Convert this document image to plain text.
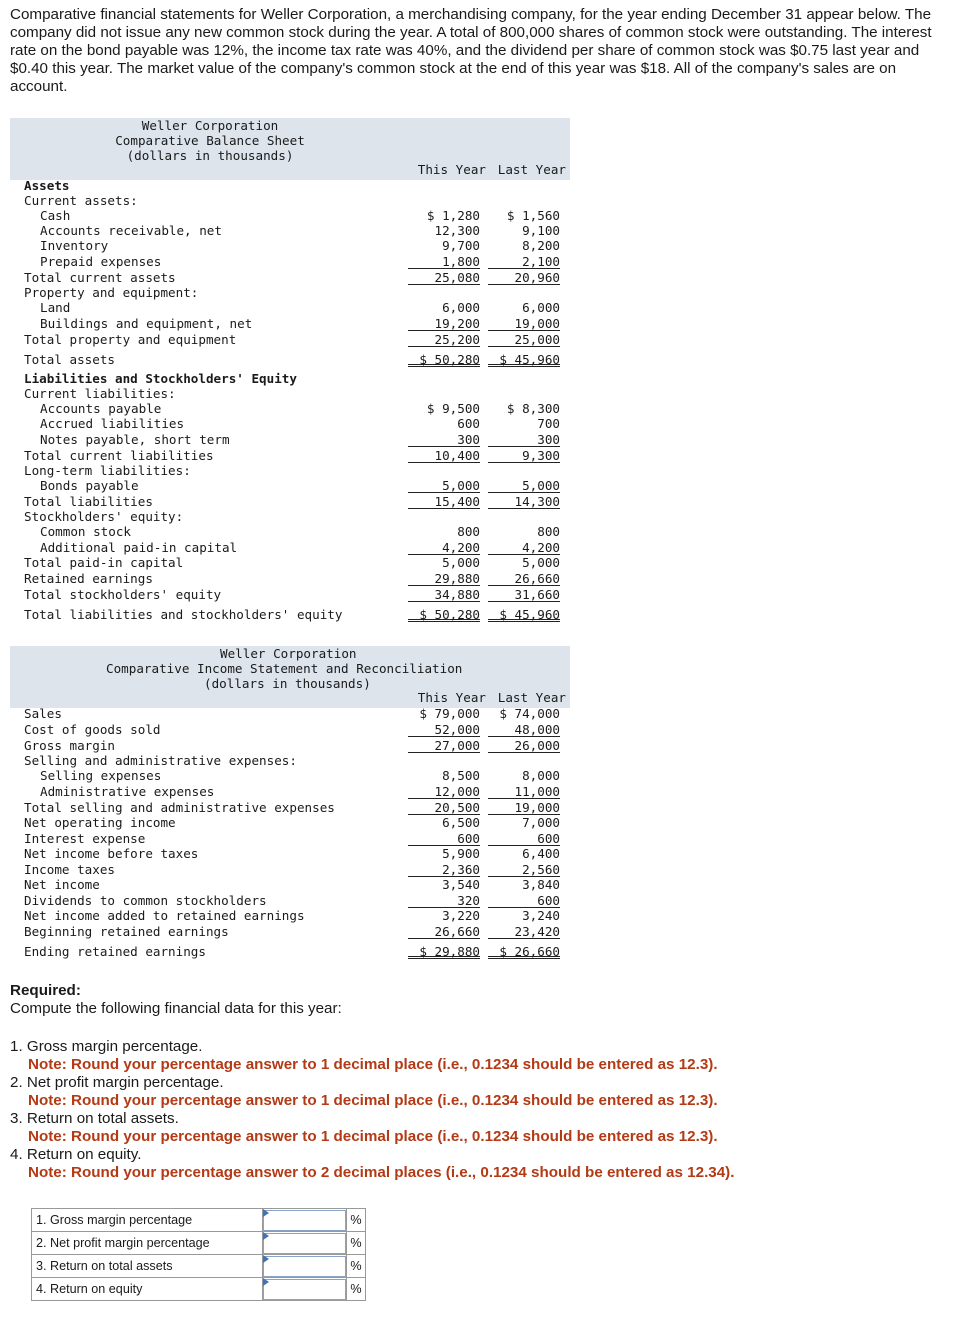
Comparative financial statements for Weller Corporation, a merchandising company, for the year ending December 31 appear below. The company did not issue any new common stock during the year. A total of 800,000 shares of common stock were outstanding. The interest rate on the bond payable was 12%, the income tax rate was 40%, and the dividend per share of common stock was $0.75 last year and $0.40 this year. The market value of the company's common stock at the end of this year was $18. All of the company's sales are on account.
Weller Corporation
Comparative Balance Sheet
(dollars in thousands)
This Year Last Year
Assets
Current assets:
Cash	$ 1,280	$ 1,560
Accounts receivable, net	12,300	9,100
Inventory	9,700	8,200
Prepaid expenses	1,800	2,100
Total current assets	25,080	20,960
Property and equipment:
Land	6,000	6,000
Buildings and equipment, net	19,200	19,000
Total property and equipment	25,200	25,000
Total assets	$ 50,280	$ 45,960
Liabilities and Stockholders' Equity
Current liabilities:
Accounts payable	$ 9,500	$ 8,300
Accrued liabilities	600	700
Notes payable, short term	300	300
Total current liabilities	10,400	9,300
Long-term liabilities:
Bonds payable	5,000	5,000
Total liabilities	15,400	14,300
Stockholders' equity:
Common stock	800	800
Additional paid-in capital	4,200	4,200
Total paid-in capital	5,000	5,000
Retained earnings	29,880	26,660
Total stockholders' equity	34,880	31,660
Total liabilities and stockholders' equity	$ 50,280	$ 45,960
Weller Corporation
Comparative Income Statement and Reconciliation
(dollars in thousands)
This Year Last Year
Sales	$ 79,000	$ 74,000
Cost of goods sold	52,000	48,000
Gross margin	27,000	26,000
Selling and administrative expenses:
Selling expenses	8,500	8,000
Administrative expenses	12,000	11,000
Total selling and administrative expenses	20,500	19,000
Net operating income	6,500	7,000
Interest expense	600	600
Net income before taxes	5,900	6,400
Income taxes	2,360	2,560
Net income	3,540	3,840
Dividends to common stockholders	320	600
Net income added to retained earnings	3,220	3,240
Beginning retained earnings	26,660	23,420
Ending retained earnings	$ 29,880	$ 26,660
Required:
Compute the following financial data for this year:
1. Gross margin percentage.
Note: Round your percentage answer to 1 decimal place (i.e., 0.1234 should be entered as 12.3).
2. Net profit margin percentage.
Note: Round your percentage answer to 1 decimal place (i.e., 0.1234 should be entered as 12.3).
3. Return on total assets.
Note: Round your percentage answer to 1 decimal place (i.e., 0.1234 should be entered as 12.3).
4. Return on equity.
Note: Round your percentage answer to 2 decimal places (i.e., 0.1234 should be entered as 12.34).
1. Gross margin percentage		%
2. Net profit margin percentage		%
3. Return on total assets		%
4. Return on equity		%
